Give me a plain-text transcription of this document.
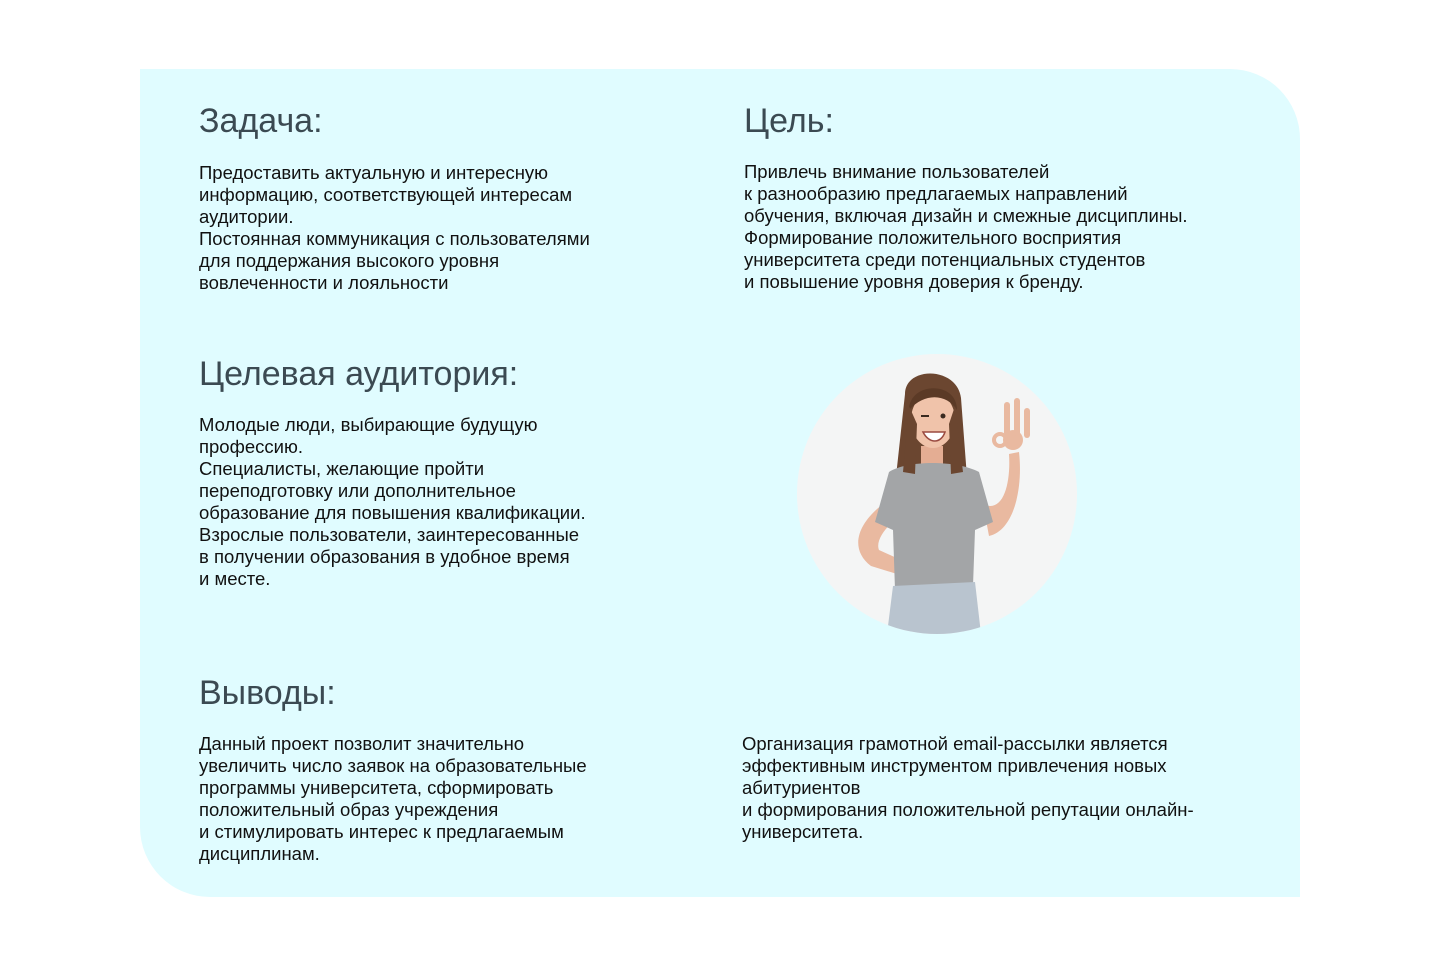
Задача:

Предоставить актуальную и интересную
информацию, соответствующей интересам
аудитории.
Постоянная коммуникация с пользователями
для поддержания высокого уровня
вовлеченности и лояльности

Цель:

Привлечь внимание пользователей
к разнообразию предлагаемых направлений
обучения, включая дизайн и смежные дисциплины.
Формирование положительного восприятия
университета среди потенциальных студентов
и повышение уровня доверия к бренду.

Целевая аудитория:

Молодые люди, выбирающие будущую
профессию.
Специалисты, желающие пройти
переподготовку или дополнительное
образование для повышения квалификации.
Взрослые пользователи, заинтересованные
в получении образования в удобное время
и месте.

Выводы:

Данный проект позволит значительно
увеличить число заявок на образовательные
программы университета, сформировать
положительный образ учреждения
и стимулировать интерес к предлагаемым
дисциплинам.

Организация грамотной email-рассылки является
эффективным инструментом привлечения новых
абитуриентов
и формирования положительной репутации онлайн-
университета.
